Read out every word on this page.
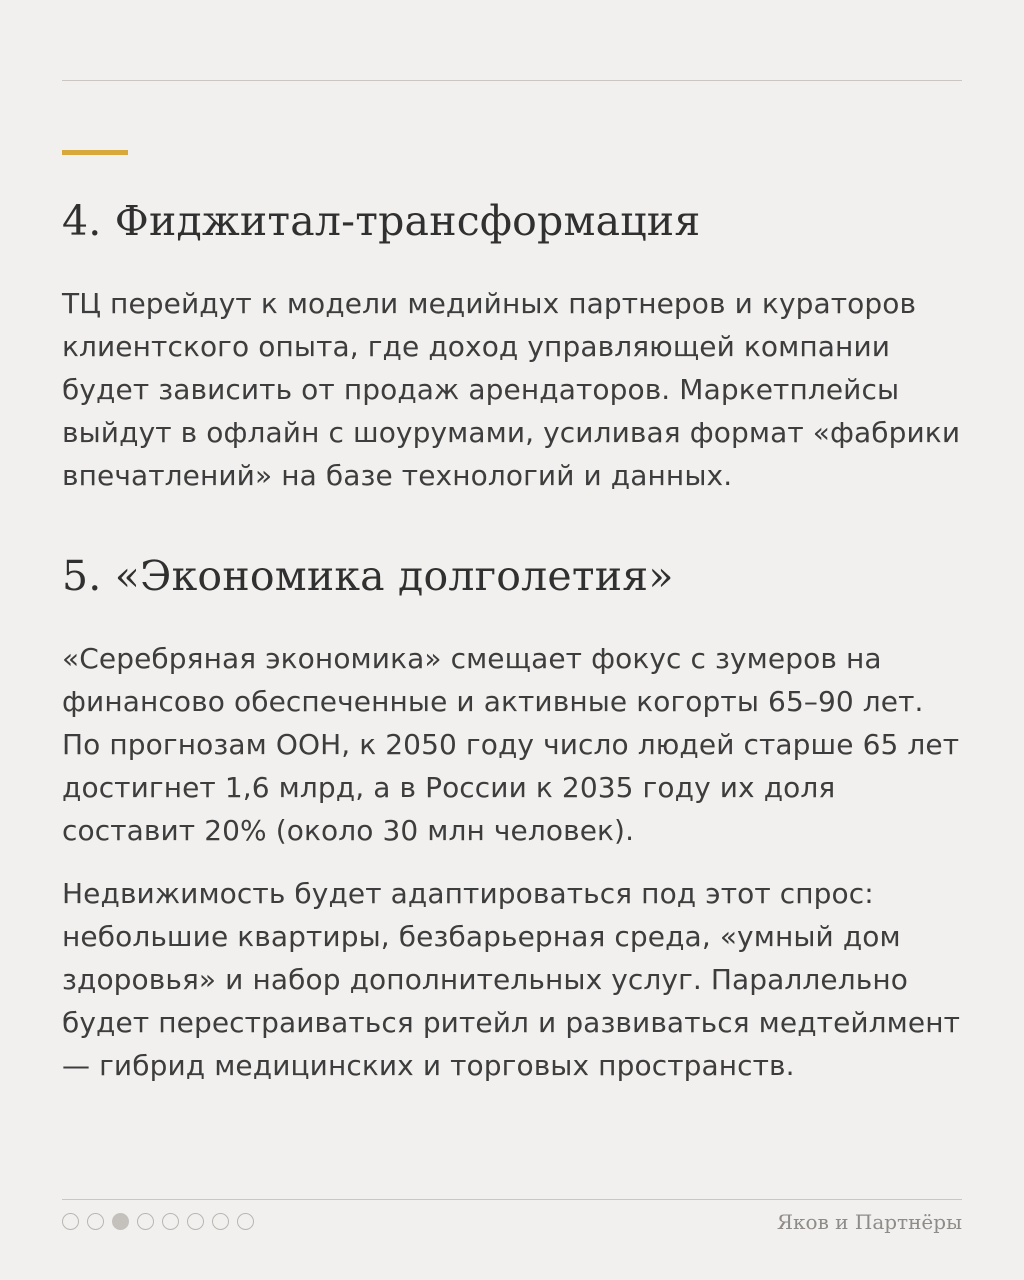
4. Фиджитал-трансформация

ТЦ перейдут к модели медийных партнеров и кураторов клиентского опыта, где доход управляющей компании будет зависить от продаж арендаторов. Маркетплейсы выйдут в офлайн с шоурумами, усиливая формат «фабрики впечатлений» на базе технологий и данных.

5. «Экономика долголетия»

«Серебряная экономика» смещает фокус с зумеров на финансово обеспеченные и активные когорты 65–90 лет. По прогнозам ООН, к 2050 году число людей старше 65 лет достигнет 1,6 млрд, а в России к 2035 году их доля составит 20% (около 30 млн человек).

Недвижимость будет адаптироваться под этот спрос: небольшие квартиры, безбарьерная среда, «умный дом здоровья» и набор дополнительных услуг. Параллельно будет перестраиваться ритейл и развиваться медтейлмент — гибрид медицинских и торговых пространств.

Яков и Партнёры
